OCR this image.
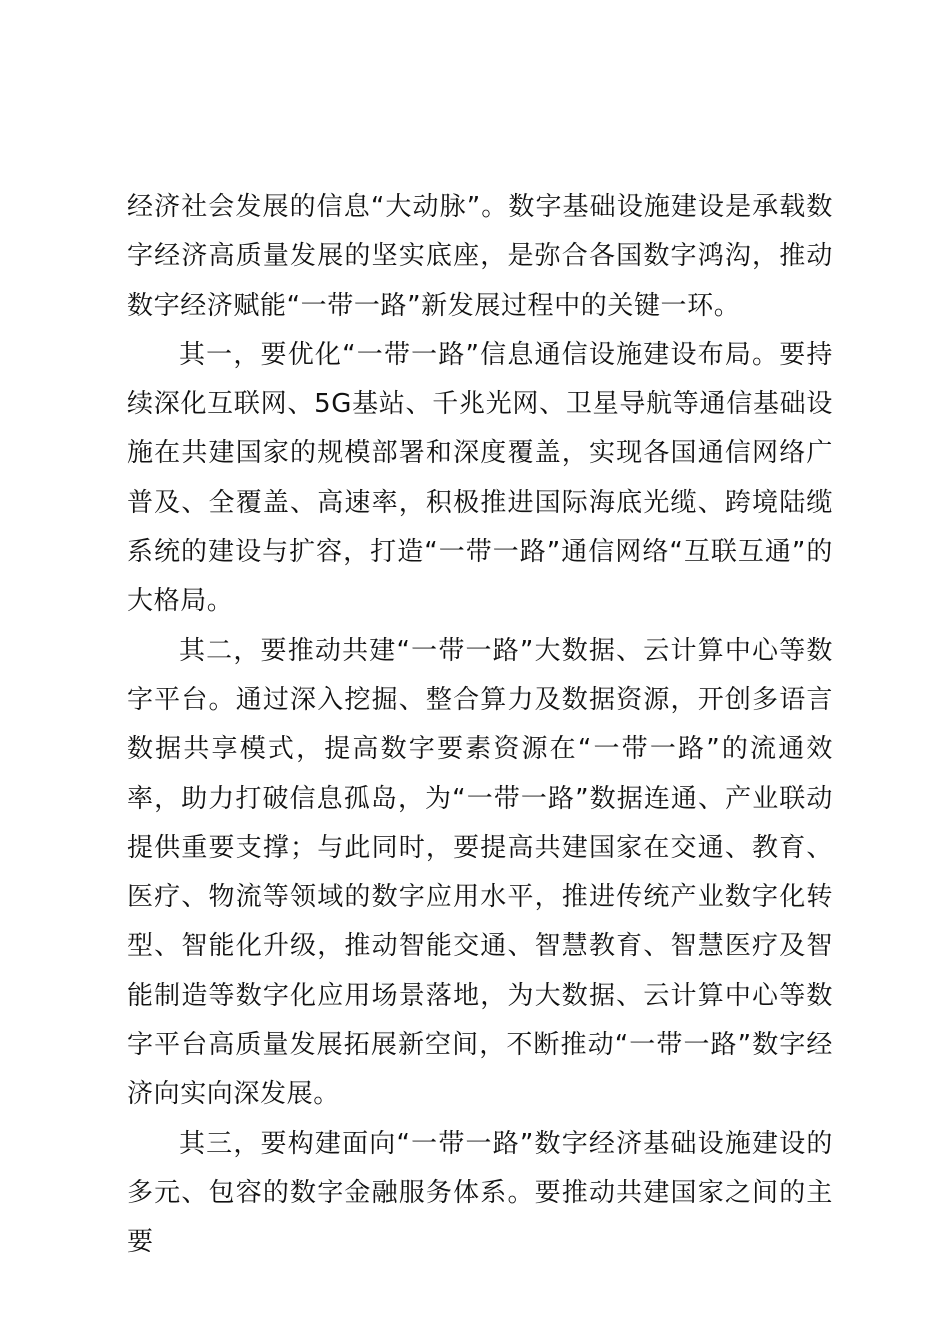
经济社会发展的信息“大动脉”。数字基础设施建设是承载数字经济高质量发展的坚实底座，是弥合各国数字鸿沟，推动数字经济赋能“一带一路”新发展过程中的关键一环。

其一，要优化“一带一路”信息通信设施建设布局。要持续深化互联网、5G基站、千兆光网、卫星导航等通信基础设施在共建国家的规模部署和深度覆盖，实现各国通信网络广普及、全覆盖、高速率，积极推进国际海底光缆、跨境陆缆系统的建设与扩容，打造“一带一路”通信网络“互联互通”的大格局。

其二，要推动共建“一带一路”大数据、云计算中心等数字平台。通过深入挖掘、整合算力及数据资源，开创多语言数据共享模式，提高数字要素资源在“一带一路”的流通效率，助力打破信息孤岛，为“一带一路”数据连通、产业联动提供重要支撑；与此同时，要提高共建国家在交通、教育、医疗、物流等领域的数字应用水平，推进传统产业数字化转型、智能化升级，推动智能交通、智慧教育、智慧医疗及智能制造等数字化应用场景落地，为大数据、云计算中心等数字平台高质量发展拓展新空间，不断推动“一带一路”数字经济向实向深发展。

其三，要构建面向“一带一路”数字经济基础设施建设的多元、包容的数字金融服务体系。要推动共建国家之间的主要
